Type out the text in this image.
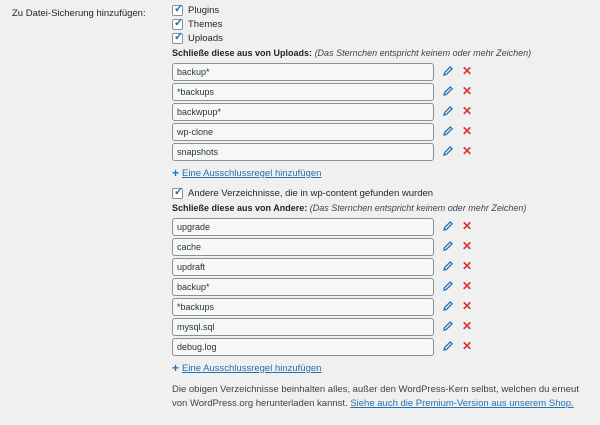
Zu Datei-Sicherung hinzufügen:	✓ Plugins
✓ Themes
✓ Uploads
Schließe diese aus von Uploads: (Das Sternchen entspricht keinem oder mehr Zeichen)
backup*
✕
*backups
✕
backwpup*
✕
wp-clone
✕
snapshots
✕
+ Eine Ausschlussregel hinzufügen
✓ Andere Verzeichnisse, die in wp-content gefunden wurden
Schließe diese aus von Andere: (Das Sternchen entspricht keinem oder mehr Zeichen)
upgrade
✕
cache
✕
updraft
✕
backup*
✕
*backups
✕
mysql.sql
✕
debug.log
✕
+ Eine Ausschlussregel hinzufügen
Die obigen Verzeichnisse beinhalten alles, außer den WordPress-Kern selbst, welchen du erneut von WordPress.org herunterladen kannst. Siehe auch die Premium-Version aus unserem Shop.
